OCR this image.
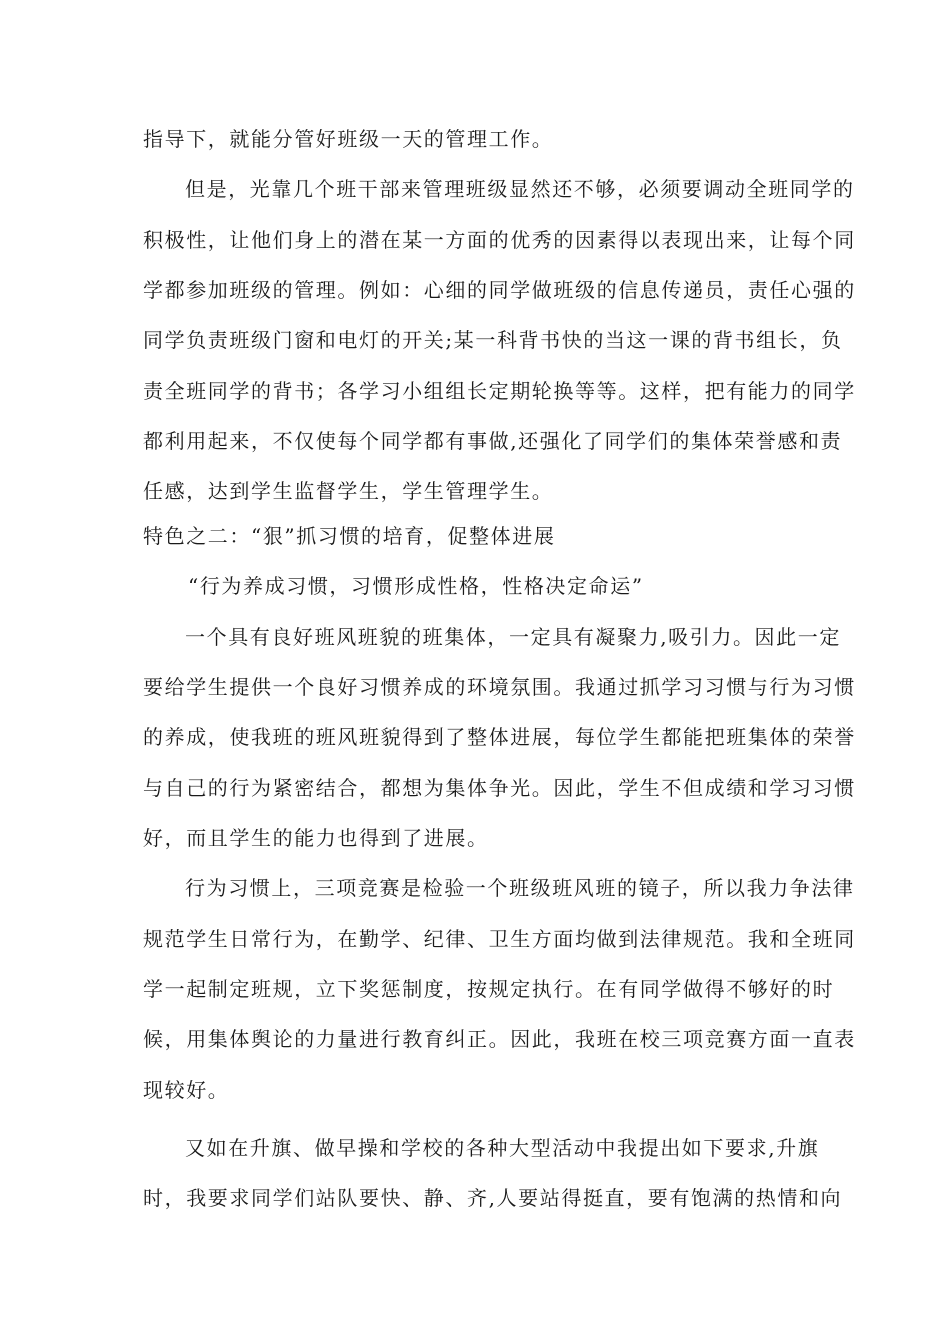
指导下，就能分管好班级一天的管理工作。

但是，光靠几个班干部来管理班级显然还不够，必须要调动全班同学的

积极性，让他们身上的潜在某一方面的优秀的因素得以表现出来，让每个同

学都参加班级的管理。例如：心细的同学做班级的信息传递员，责任心强的

同学负责班级门窗和电灯的开关;某一科背书快的当这一课的背书组长，负

责全班同学的背书；各学习小组组长定期轮换等等。这样，把有能力的同学

都利用起来，不仅使每个同学都有事做,还强化了同学们的集体荣誉感和责

任感，达到学生监督学生，学生管理学生。

特色之二：“狠”抓习惯的培育，促整体进展

“行为养成习惯，习惯形成性格，性格决定命运”

一个具有良好班风班貌的班集体，一定具有凝聚力,吸引力。因此一定

要给学生提供一个良好习惯养成的环境氛围。我通过抓学习习惯与行为习惯

的养成，使我班的班风班貌得到了整体进展，每位学生都能把班集体的荣誉

与自己的行为紧密结合，都想为集体争光。因此，学生不但成绩和学习习惯

好，而且学生的能力也得到了进展。

行为习惯上，三项竞赛是检验一个班级班风班的镜子，所以我力争法律

规范学生日常行为，在勤学、纪律、卫生方面均做到法律规范。我和全班同

学一起制定班规，立下奖惩制度，按规定执行。在有同学做得不够好的时

候，用集体舆论的力量进行教育纠正。因此，我班在校三项竞赛方面一直表

现较好。

又如在升旗、做早操和学校的各种大型活动中我提出如下要求,升旗

时，我要求同学们站队要快、静、齐,人要站得挺直，要有饱满的热情和向
